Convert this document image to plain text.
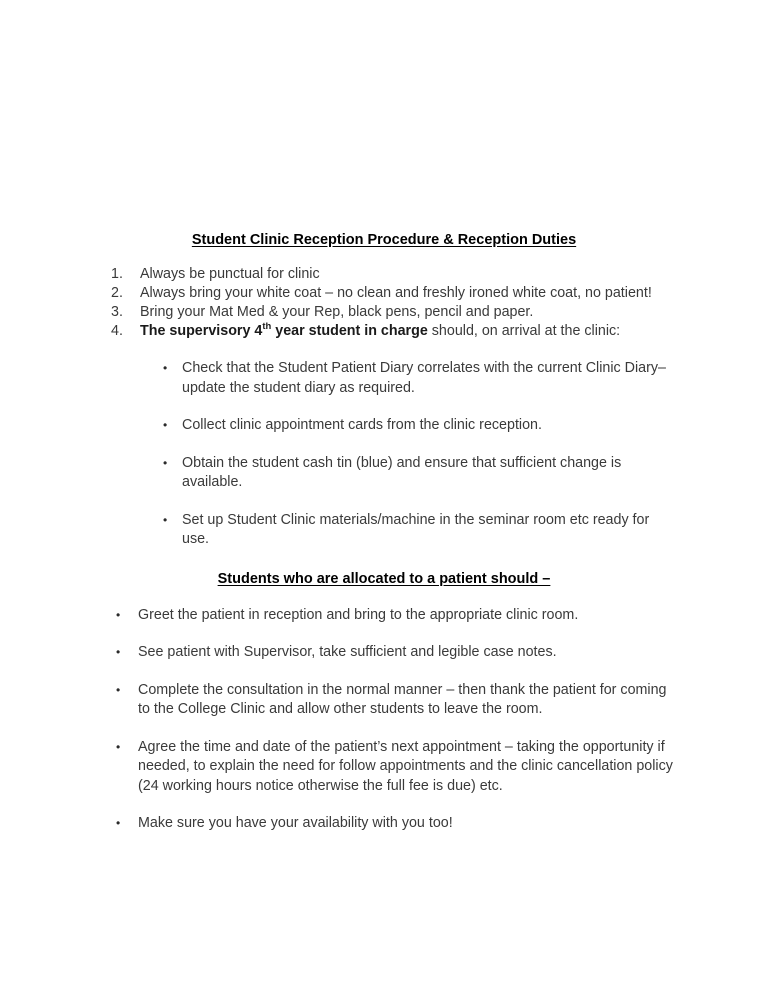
Student Clinic Reception Procedure & Reception Duties
1.	Always be punctual for clinic
2.	Always bring your white coat – no clean and freshly ironed white coat, no patient!
3.	Bring your Mat Med & your Rep, black pens, pencil and paper.
4.	The supervisory 4th year student in charge should, on arrival at the clinic:
• Check that the Student Patient Diary correlates with the current Clinic Diary– update the student diary as required.
• Collect clinic appointment cards from the clinic reception.
• Obtain the student cash tin (blue) and ensure that sufficient change is available.
• Set up Student Clinic materials/machine in the seminar room etc ready for use.
Students who are allocated to a patient should –
• Greet the patient in reception and bring to the appropriate clinic room.
• See patient with Supervisor, take sufficient and legible case notes.
• Complete the consultation in the normal manner – then thank the patient for coming to the College Clinic and allow other students to leave the room.
• Agree the time and date of the patient’s next appointment – taking the opportunity if needed, to explain the need for follow appointments and the clinic cancellation policy (24 working hours notice otherwise the full fee is due) etc.
• Make sure you have your availability with you too!
